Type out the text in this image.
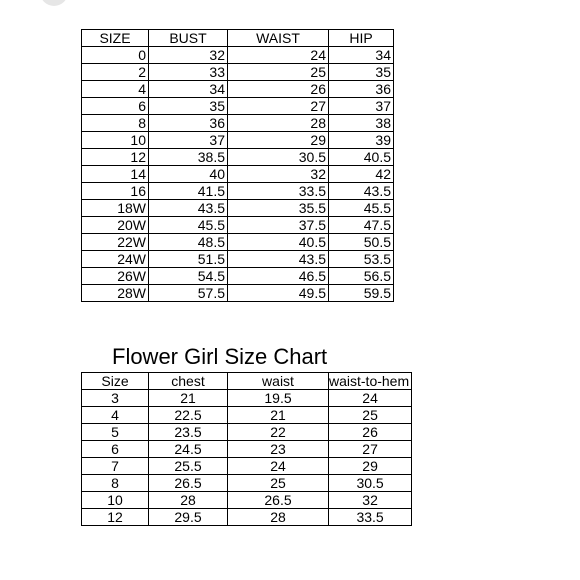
SIZE	BUST	WAIST	HIP
0	32	24	34
2	33	25	35
4	34	26	36
6	35	27	37
8	36	28	38
10	37	29	39
12	38.5	30.5	40.5
14	40	32	42
16	41.5	33.5	43.5
18W	43.5	35.5	45.5
20W	45.5	37.5	47.5
22W	48.5	40.5	50.5
24W	51.5	43.5	53.5
26W	54.5	46.5	56.5
28W	57.5	49.5	59.5
Flower Girl Size Chart
Size	chest	waist	waist-to-hem
3	21	19.5	24
4	22.5	21	25
5	23.5	22	26
6	24.5	23	27
7	25.5	24	29
8	26.5	25	30.5
10	28	26.5	32
12	29.5	28	33.5
